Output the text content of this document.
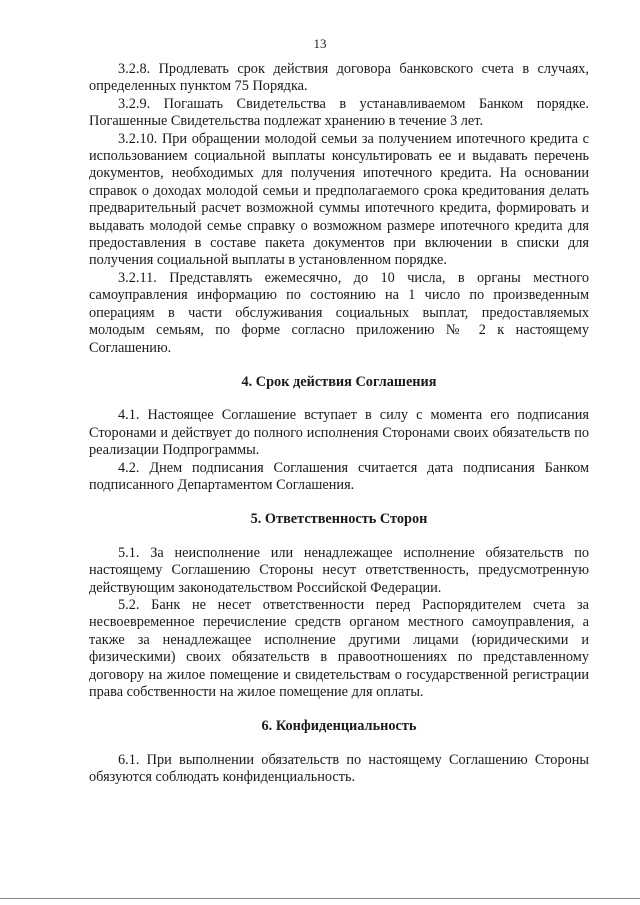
13

3.2.8. Продлевать срок действия договора банковского счета в случаях, определенных пунктом 75 Порядка.

3.2.9. Погашать Свидетельства в устанавливаемом Банком порядке. Погашенные Свидетельства подлежат хранению в течение 3 лет.

3.2.10. При обращении молодой семьи за получением ипотечного кредита с использованием социальной выплаты консультировать ее и выдавать перечень документов, необходимых для получения ипотечного кредита. На основании справок о доходах молодой семьи и предполагаемого срока кредитования делать предварительный расчет возможной суммы ипотечного кредита, формировать и выдавать молодой семье справку о возможном размере ипотечного кредита для предоставления в составе пакета документов при включении в списки для получения социальной выплаты в установленном порядке.

3.2.11. Представлять ежемесячно, до 10 числа, в органы местного самоуправления информацию по состоянию на 1 число по произведенным операциям в части обслуживания социальных выплат, предоставляемых молодым семьям, по форме согласно приложению № 2 к настоящему Соглашению.

4. Срок действия Соглашения

4.1. Настоящее Соглашение вступает в силу с момента его подписания Сторонами и действует до полного исполнения Сторонами своих обязательств по реализации Подпрограммы.

4.2. Днем подписания Соглашения считается дата подписания Банком подписанного Департаментом Соглашения.

5. Ответственность Сторон

5.1. За неисполнение или ненадлежащее исполнение обязательств по настоящему Соглашению Стороны несут ответственность, предусмотренную действующим законодательством Российской Федерации.

5.2. Банк не несет ответственности перед Распорядителем счета за несвоевременное перечисление средств органом местного самоуправления, а также за ненадлежащее исполнение другими лицами (юридическими и физическими) своих обязательств в правоотношениях по представленному договору на жилое помещение и свидетельствам о государственной регистрации права собственности на жилое помещение для оплаты.

6. Конфиденциальность

6.1. При выполнении обязательств по настоящему Соглашению Стороны обязуются соблюдать конфиденциальность.
